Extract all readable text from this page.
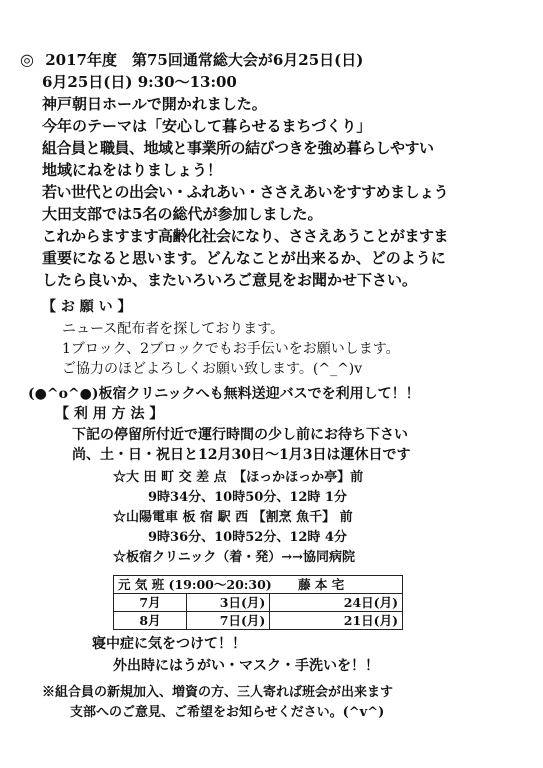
◎ 2017年度　第75回通常総大会が6月25日(日)
6月25日(日) 9:30～13:00
神戸朝日ホールで開かれました。
今年のテーマは「安心して暮らせるまちづくり」
組合員と職員、地域と事業所の結びつきを強め暮らしやすい
地域にねをはりましょう！
若い世代との出会い・ふれあい・ささえあいをすすめましょう
大田支部では5名の総代が参加しました。
これからますます高齢化社会になり、ささえあうことがますま
重要になると思います。どんなことが出来るか、どのように
したら良いか、またいろいろご意見をお聞かせ下さい。
【 お 願 い 】
ニュース配布者を探しております。
1ブロック、2ブロックでもお手伝いをお願いします。
ご協力のほどよろしくお願い致します。(^_^)v
(●^o^●)板宿クリニックへも無料送迎バスでを利用して！！
【 利 用 方 法 】
下記の停留所付近で運行時間の少し前にお待ち下さい
尚、土・日・祝日と12月30日～1月3日は運休日です
☆大 田 町 交 差 点　【ほっかほっか亭】前
9時34分、10時50分、12時 1分
☆山陽電車 板 宿 駅 西 【割烹 魚千】 前
9時36分、10時52分、12時 4分
☆板宿クリニック（着・発）→→協同病院
元 気 班 (19:00～20:30) 藤 本 宅		
7月	3日(月)	24日(月)
8月	7日(月)	21日(月)
寝中症に気をつけて！！
外出時にはうがい・マスク・手洗いを！！
※組合員の新規加入、増資の方、三人寄れば班会が出来ます
支部へのご意見、ご希望をお知らせください。(^v^)
